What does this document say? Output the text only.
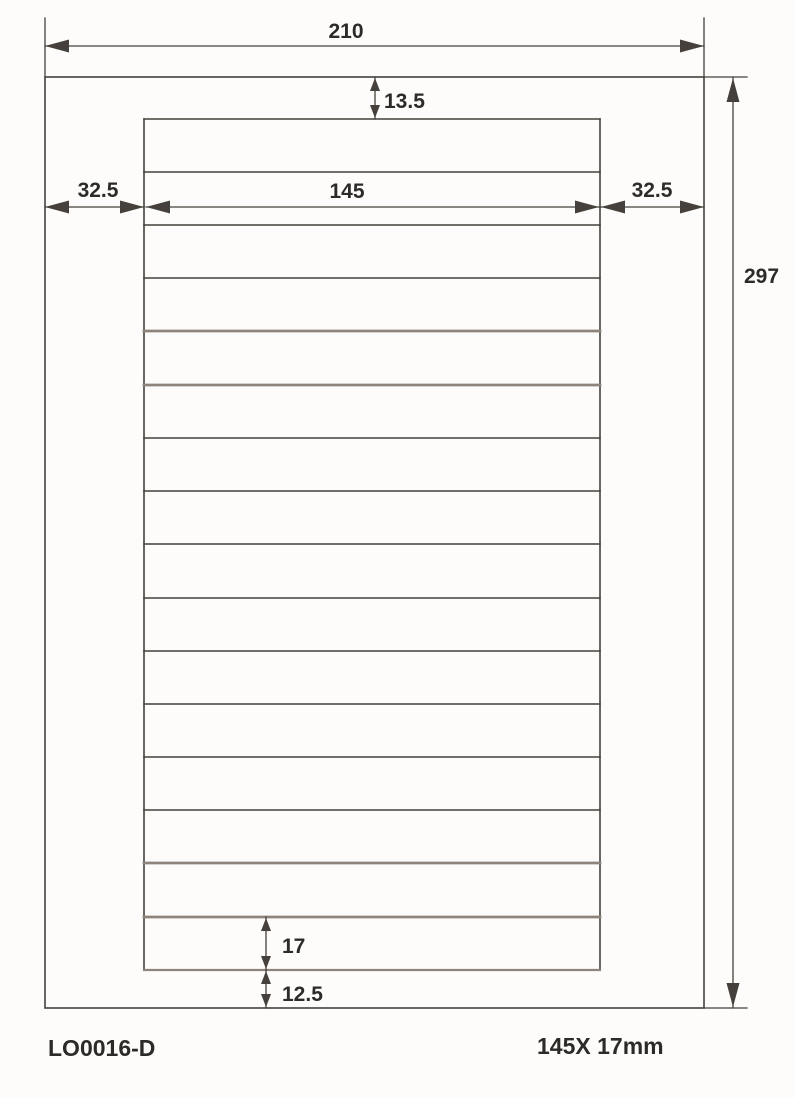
210
297
13.5
32.5	145	32.5
17
12.5
LO0016-D	145X 17mm
